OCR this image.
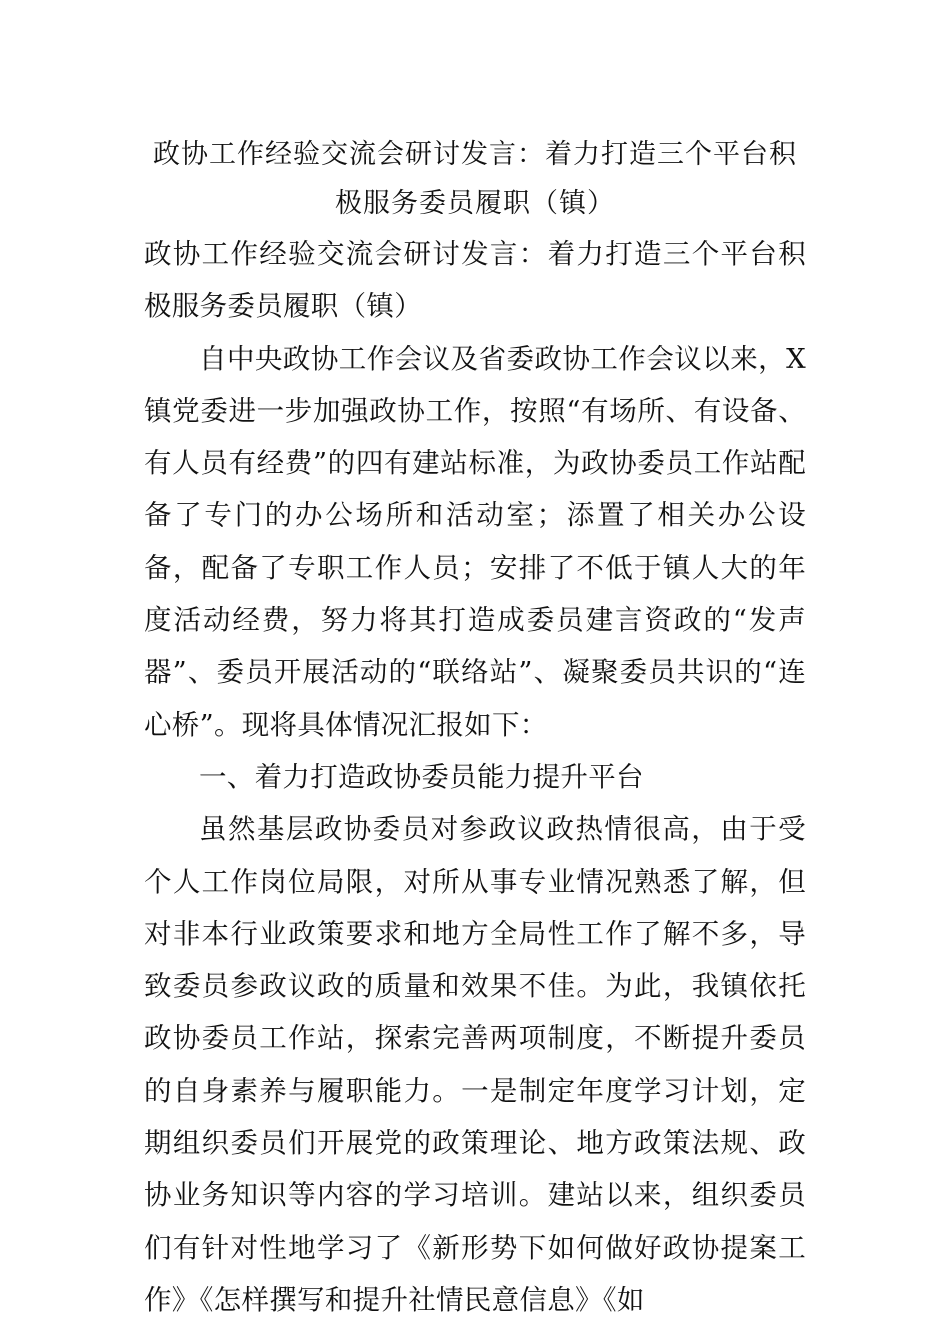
政协工作经验交流会研讨发言：着力打造三个平台积极服务委员履职（镇）

政协工作经验交流会研讨发言：着力打造三个平台积极服务委员履职（镇）

自中央政协工作会议及省委政协工作会议以来，X镇党委进一步加强政协工作，按照“有场所、有设备、有人员有经费”的四有建站标准，为政协委员工作站配备了专门的办公场所和活动室；添置了相关办公设备，配备了专职工作人员；安排了不低于镇人大的年度活动经费，努力将其打造成委员建言资政的“发声器”、委员开展活动的“联络站”、凝聚委员共识的“连心桥”。现将具体情况汇报如下：

一、着力打造政协委员能力提升平台

虽然基层政协委员对参政议政热情很高，由于受个人工作岗位局限，对所从事专业情况熟悉了解，但对非本行业政策要求和地方全局性工作了解不多，导致委员参政议政的质量和效果不佳。为此，我镇依托政协委员工作站，探索完善两项制度，不断提升委员的自身素养与履职能力。一是制定年度学习计划，定期组织委员们开展党的政策理论、地方政策法规、政协业务知识等内容的学习培训。建站以来，组织委员们有针对性地学习了《新形势下如何做好政协提案工作》《怎样撰写和提升社情民意信息》《如
